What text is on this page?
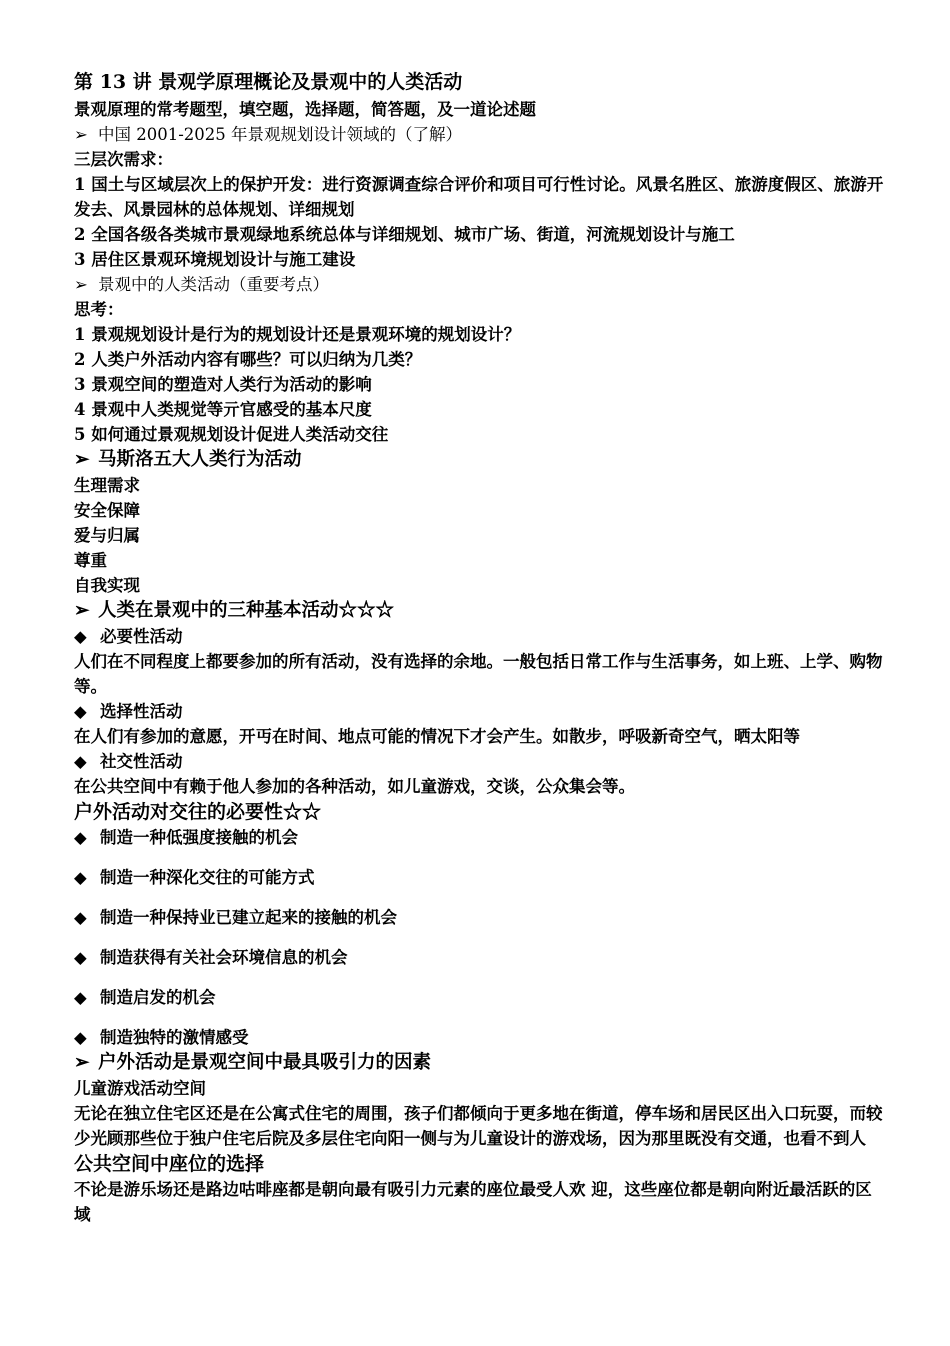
第 13 讲 景观学原理概论及景观中的人类活动

景观原理的常考题型，填空题，选择题，简答题，及一道论述题

➢ 中国 2001-2025 年景观规划设计领域的（了解）

三层次需求：

1 国土与区域层次上的保护开发：进行资源调查综合评价和项目可行性讨论。风景名胜区、旅游度假区、旅游开发去、风景园林的总体规划、详细规划

2 全国各级各类城市景观绿地系统总体与详细规划、城市广场、街道，河流规划设计与施工

3 居住区景观环境规划设计与施工建设

➢ 景观中的人类活动（重要考点）

思考：

1 景观规划设计是行为的规划设计还是景观环境的规划设计？

2 人类户外活动内容有哪些？可以归纳为几类？

3 景观空间的塑造对人类行为活动的影响

4 景观中人类规觉等亓官感受的基本尺度

5 如何通过景观规划设计促进人类活动交往

➢ 马斯洛五大人类行为活动

生理需求

安全保障

爱与归属

尊重

自我实现

➢ 人类在景观中的三种基本活动☆☆☆

◆ 必要性活动

人们在不同程度上都要参加的所有活动，没有选择的余地。一般包括日常工作与生活事务，如上班、上学、购物等。

◆ 选择性活动

在人们有参加的意愿，开丏在时间、地点可能的情况下才会产生。如散步，呼吸新奇空气，晒太阳等

◆ 社交性活动

在公共空间中有赖于他人参加的各种活动，如儿童游戏，交谈，公众集会等。

户外活动对交往的必要性☆☆

◆ 制造一种低强度接触的机会

◆ 制造一种深化交往的可能方式

◆ 制造一种保持业已建立起来的接触的机会

◆ 制造获得有关社会环境信息的机会

◆ 制造启发的机会

◆ 制造独特的激情感受

➢ 户外活动是景观空间中最具吸引力的因素

儿童游戏活动空间

无论在独立住宅区还是在公寓式住宅的周围，孩子们都倾向于更多地在街道，停车场和居民区出入口玩耍，而较少光顾那些位于独户住宅后院及多层住宅向阳一侧与为儿童设计的游戏场，因为那里既没有交通，也看不到人

公共空间中座位的选择

不论是游乐场还是路边咕啡座都是朝向最有吸引力元素的座位最受人欢 迎，这些座位都是朝向附近最活跃的区域
